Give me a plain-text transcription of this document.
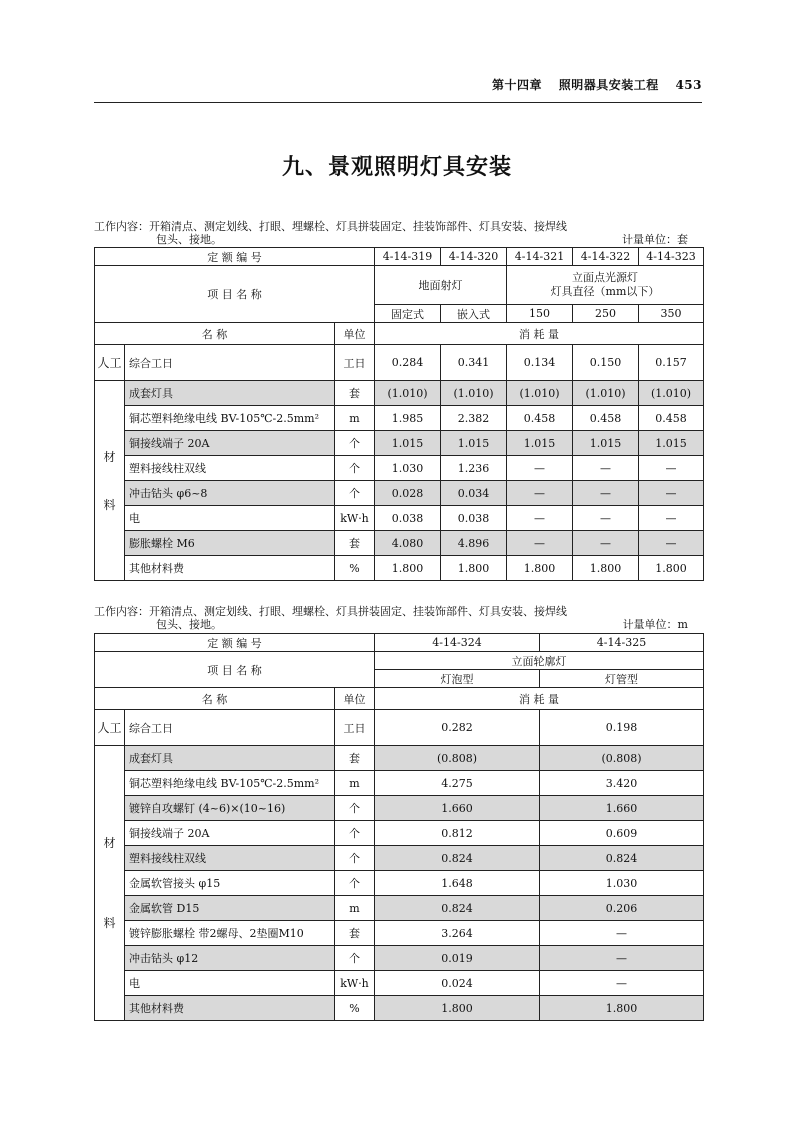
第十四章 照明器具安装工程 453
九、景观照明灯具安装
工作内容：开箱清点、测定划线、打眼、埋螺栓、灯具拼装固定、挂装饰部件、灯具安装、接焊线
包头、接地。	计量单位：套
定 额 编 号			4-14-319	4-14-320	4-14-321	4-14-322	4-14-323
项 目 名 称			地面射灯		立面点光源灯
灯具直径（mm以下）		

			固定式	嵌入式	150	250	350
名 称		单位	消 耗 量				
人工	综合工日	工日	0.284	0.341	0.134	0.150	0.157

材
料	成套灯具	套	(1.010)	(1.010)	(1.010)	(1.010)	(1.010)
	铜芯塑料绝缘电线 BV-105℃-2.5mm²	m	1.985	2.382	0.458	0.458	0.458
	铜接线端子 20A	个	1.015	1.015	1.015	1.015	1.015
	塑料接线柱双线	个	1.030	1.236	—	—	—
	冲击钻头 φ6~8	个	0.028	0.034	—	—	—
	电	kW·h	0.038	0.038	—	—	—
	膨胀螺栓 M6	套	4.080	4.896	—	—	—
	其他材料费	%	1.800	1.800	1.800	1.800	1.800
工作内容：开箱清点、测定划线、打眼、埋螺栓、灯具拼装固定、挂装饰部件、灯具安装、接焊线
包头、接地。	计量单位：m
定 额 编 号			4-14-324	4-14-325
项 目 名 称			立面轮廓灯	
			灯泡型	灯管型
名 称		单位	消 耗 量	
人工	综合工日	工日	0.282	0.198

材
料	成套灯具	套	(0.808)	(0.808)
	铜芯塑料绝缘电线 BV-105℃-2.5mm²	m	4.275	3.420
	镀锌自攻螺钉 (4~6)×(10~16)	个	1.660	1.660
	铜接线端子 20A	个	0.812	0.609
	塑料接线柱双线	个	0.824	0.824
	金属软管接头 φ15	个	1.648	1.030
	金属软管 D15	m	0.824	0.206
	镀锌膨胀螺栓 带2螺母、2垫圈M10	套	3.264	—
	冲击钻头 φ12	个	0.019	—
	电	kW·h	0.024	—
	其他材料费	%	1.800	1.800
